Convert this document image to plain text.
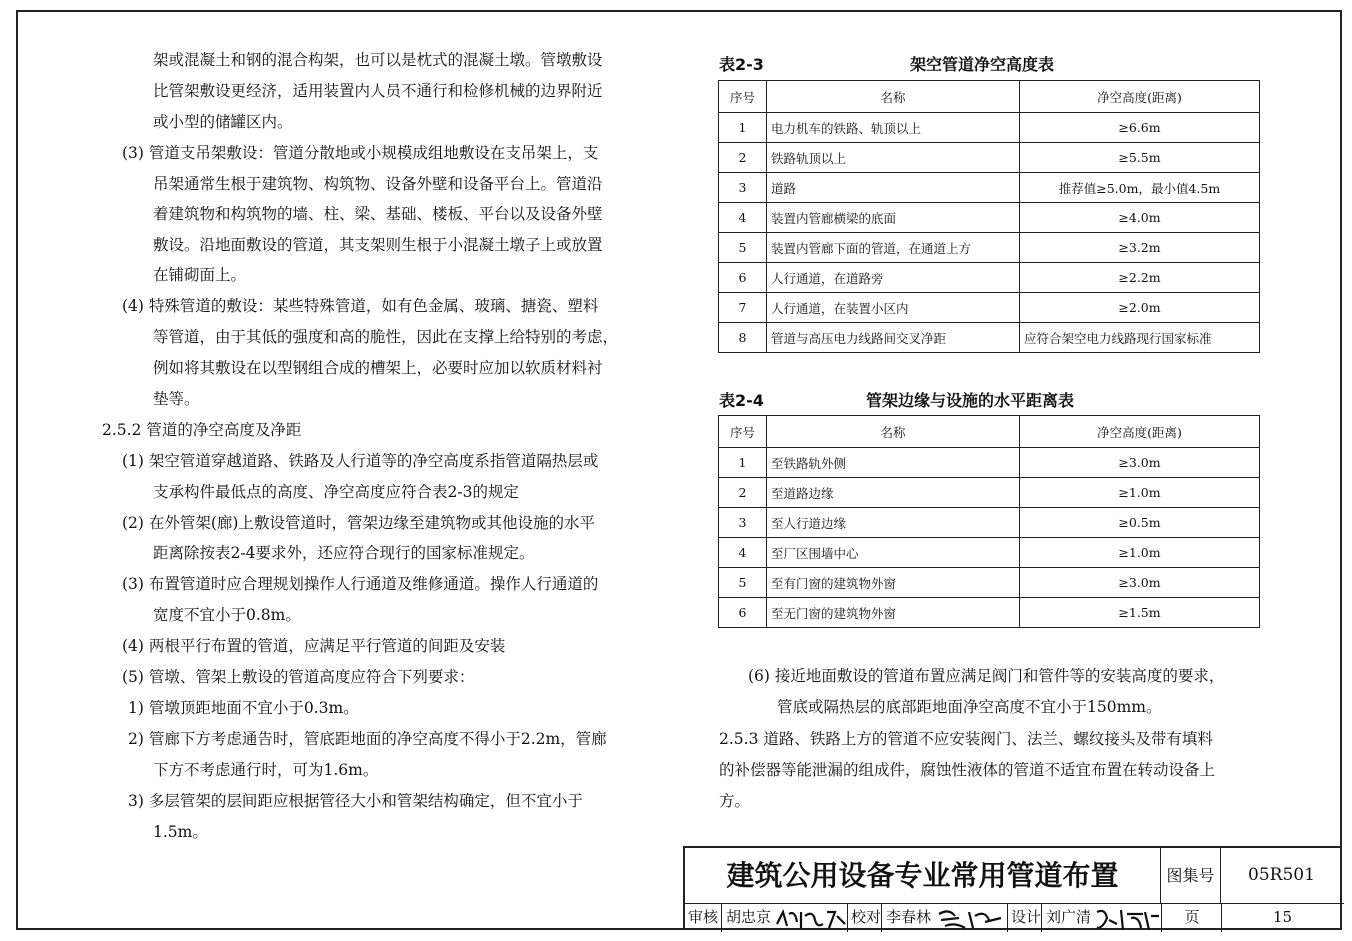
架或混凝土和钢的混合构架，也可以是枕式的混凝土墩。管墩敷设
比管架敷设更经济，适用装置内人员不通行和检修机械的边界附近
或小型的储罐区内。
(3) 管道支吊架敷设：管道分散地或小规模成组地敷设在支吊架上，支
吊架通常生根于建筑物、构筑物、设备外壁和设备平台上。管道沿
着建筑物和构筑物的墙、柱、梁、基础、楼板、平台以及设备外壁
敷设。沿地面敷设的管道，其支架则生根于小混凝土墩子上或放置
在铺砌面上。
(4) 特殊管道的敷设：某些特殊管道，如有色金属、玻璃、搪瓷、塑料
等管道，由于其低的强度和高的脆性，因此在支撑上给特别的考虑，
例如将其敷设在以型钢组合成的槽架上，必要时应加以软质材料衬
垫等。
2.5.2 管道的净空高度及净距
(1) 架空管道穿越道路、铁路及人行道等的净空高度系指管道隔热层或
支承构件最低点的高度、净空高度应符合表2-3的规定
(2) 在外管架(廊)上敷设管道时，管架边缘至建筑物或其他设施的水平
距离除按表2-4要求外，还应符合现行的国家标准规定。
(3) 布置管道时应合理规划操作人行通道及维修通道。操作人行通道的
宽度不宜小于0.8m。
(4) 两根平行布置的管道，应满足平行管道的间距及安装
(5) 管墩、管架上敷设的管道高度应符合下列要求：
1) 管墩顶距地面不宜小于0.3m。
2) 管廊下方考虑通告时，管底距地面的净空高度不得小于2.2m，管廊
下方不考虑通行时，可为1.6m。
3) 多层管架的层间距应根据管径大小和管架结构确定，但不宜小于
1.5m。
表2-3	架空管道净空高度表
序号	名称	净空高度(距离)
1	电力机车的铁路、轨顶以上	≥6.6m
2	铁路轨顶以上	≥5.5m
3	道路	推荐值≥5.0m，最小值4.5m
4	装置内管廊横梁的底面	≥4.0m
5	装置内管廊下面的管道，在通道上方	≥3.2m
6	人行通道，在道路旁	≥2.2m
7	人行通道，在装置小区内	≥2.0m
8	管道与高压电力线路间交叉净距	应符合架空电力线路现行国家标准
表2-4	管架边缘与设施的水平距离表
序号	名称	净空高度(距离)
1	至铁路轨外侧	≥3.0m
2	至道路边缘	≥1.0m
3	至人行道边缘	≥0.5m
4	至厂区围墙中心	≥1.0m
5	至有门窗的建筑物外窗	≥3.0m
6	至无门窗的建筑物外窗	≥1.5m
(6) 接近地面敷设的管道布置应满足阀门和管件等的安装高度的要求，
管底或隔热层的底部距地面净空高度不宜小于150mm。
2.5.3 道路、铁路上方的管道不应安装阀门、法兰、螺纹接头及带有填料
的补偿器等能泄漏的组成件，腐蚀性液体的管道不适宜布置在转动设备上
方。
建筑公用设备专业常用管道布置	图集号	05R501
审核 胡忠京	校对 李春林	设计 刘广清	页	15
